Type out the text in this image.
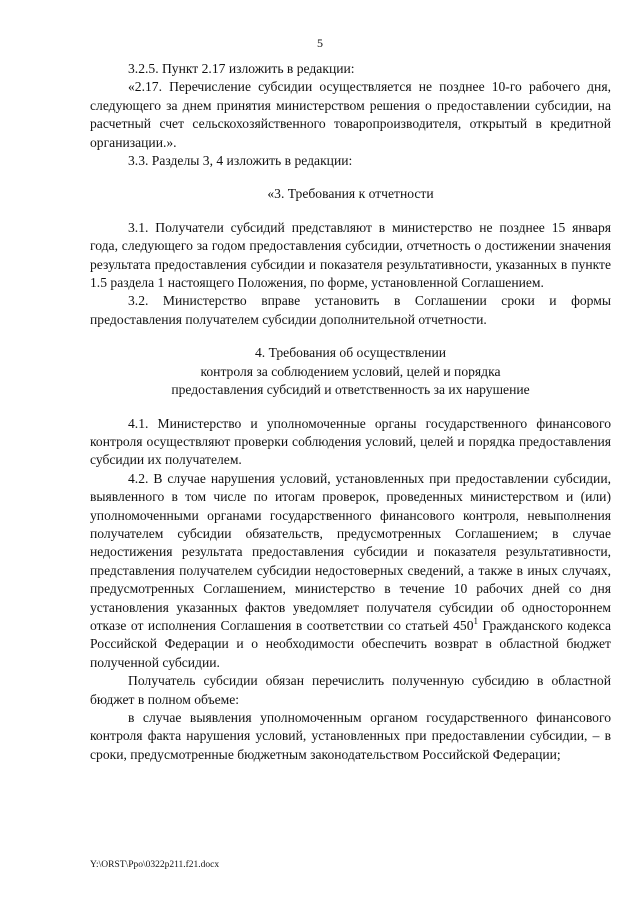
5

3.2.5. Пункт 2.17 изложить в редакции:

«2.17. Перечисление субсидии осуществляется не позднее 10-го рабочего дня, следующего за днем принятия министерством решения о предоставлении субсидии, на расчетный счет сельскохозяйственного товаропроизводителя, открытый в кредитной организации.».

3.3. Разделы 3, 4 изложить в редакции:

«3. Требования к отчетности

3.1. Получатели субсидий представляют в министерство не позднее 15 января года, следующего за годом предоставления субсидии, отчетность о достижении значения результата предоставления субсидии и показателя результативности, указанных в пункте 1.5 раздела 1 настоящего Положения, по форме, установленной Соглашением.

3.2. Министерство вправе установить в Соглашении сроки и формы предоставления получателем субсидии дополнительной отчетности.

4. Требования об осуществлении

контроля за соблюдением условий, целей и порядка

предоставления субсидий и ответственность за их нарушение

4.1. Министерство и уполномоченные органы государственного финансового контроля осуществляют проверки соблюдения условий, целей и порядка предоставления субсидии их получателем.

4.2. В случае нарушения условий, установленных при предоставлении субсидии, выявленного в том числе по итогам проверок, проведенных министерством и (или) уполномоченными органами государственного финансового контроля, невыполнения получателем субсидии обязательств, предусмотренных Соглашением; в случае недостижения результата предоставления субсидии и показателя результативности, представления получателем субсидии недостоверных сведений, а также в иных случаях, предусмотренных Соглашением, министерство в течение 10 рабочих дней со дня установления указанных фактов уведомляет получателя субсидии об одностороннем отказе от исполнения Соглашения в соответствии со статьей $450^1$ Гражданского кодекса Российской Федерации и о необходимости обеспечить возврат в областной бюджет полученной субсидии.

Получатель субсидии обязан перечислить полученную субсидию в областной бюджет в полном объеме:

в случае выявления уполномоченным органом государственного финансового контроля факта нарушения условий, установленных при предоставлении субсидии, – в сроки, предусмотренные бюджетным законодательством Российской Федерации;

Y:\ORST\Ppo\0322p211.f21.docx
